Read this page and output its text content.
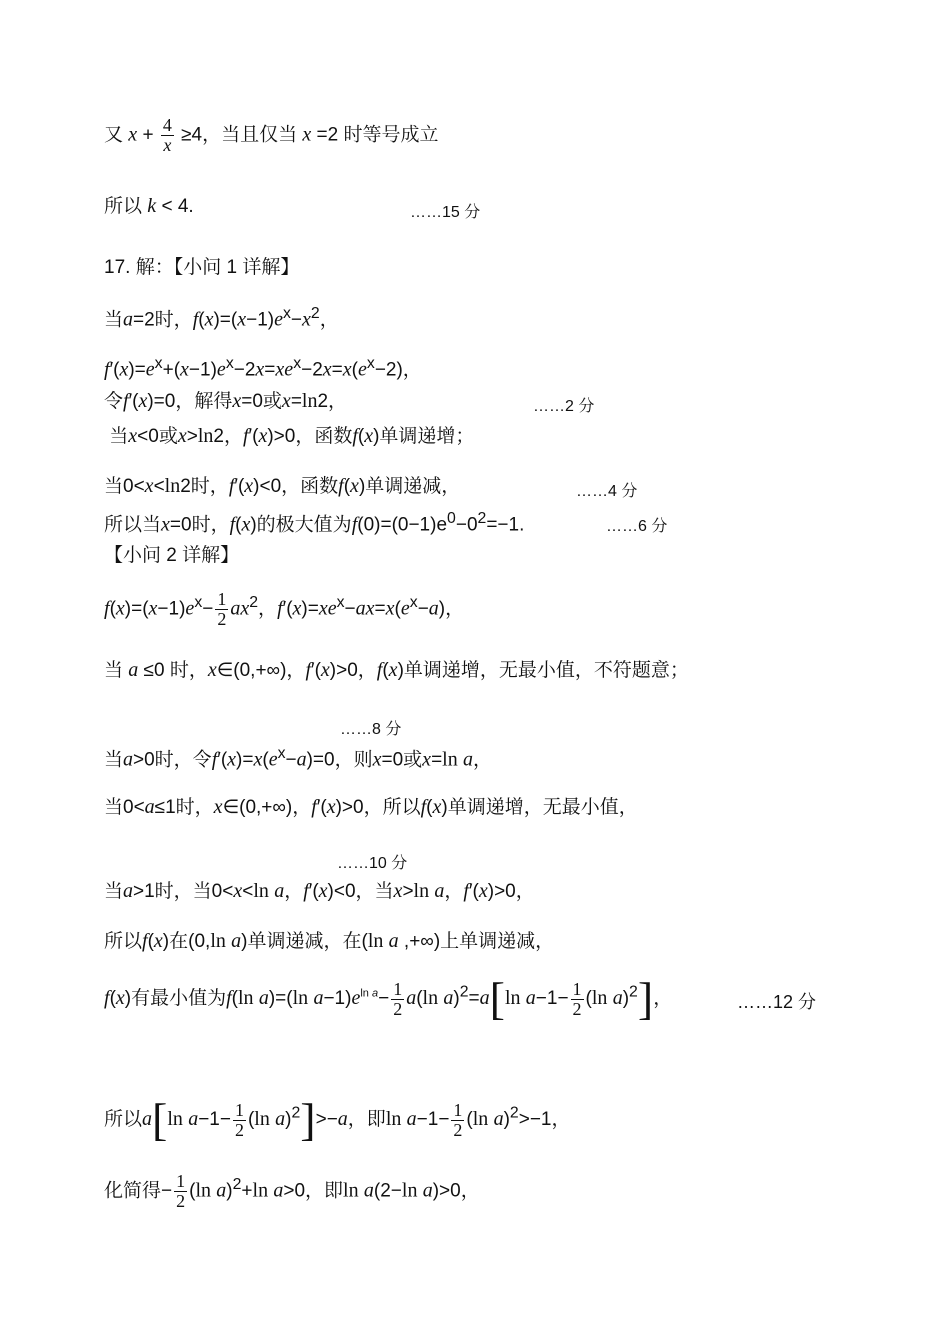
又 $x + \frac{4}{x} \ge 4$，当且仅当 x =2 时等号成立
所以 k < 4.	……15 分
17. 解：【小问 1 详解】
当a=2时，$f(x)=(x-1)e^x-x^2$，
$f'(x)=e^x+(x-1)e^x-2x=xe^x-2x=x(e^x-2)$，
令f′(x)=0，解得x=0或x=ln2，	……2 分
当x<0或x>ln2，f′(x)>0，函数f(x)单调递增；
当0<x<ln2时，f′(x)<0，函数f(x)单调递减，	……4 分
所以当x=0时，f(x)的极大值为$f(0)=(0-1)e^0-0^2=-1$.	……6 分
【小问 2 详解】
$f(x)=(x-1)e^x- \frac{1}{2} ax^2$，$f'(x)=xe^x-ax=x(e^x-a)$，
当 a ≤0 时，x∈(0,+∞)，f′(x)>0，f(x)单调递增，无最小值，不符题意；
……8 分
当a>0时，令$f'(x)=x(e^x-a)=0$，则x=0或x=ln a，
当0<a≤1时，x∈(0,+∞)，f′(x)>0，所以f(x)单调递增，无最小值，
……10 分
当a>1时，当0<x<ln a，f′(x)<0，当x>ln a，f′(x)>0，
所以f(x)在(0,ln a)单调递减，在(ln a ,+∞)上单调递减，
f(x)有最小值为f(ln a)=(ln $a-1)e^{ln a}- \frac{1}{2} a(\ln$ a)$^2$=a[ln $a-1- \frac{1}{2} (\ln$ a)$^2$]，	……12 分
所以a[ln $a-1- \frac{1}{2} (\ln$ a)$^2$]>−a，即$\ln a-1- \frac{1}{2} (\ln$ a)$^2$>−1，
化简得− $\frac{1}{2} (\ln$ a)$^2$+ln a>0，即ln a(2−ln a)>0，
